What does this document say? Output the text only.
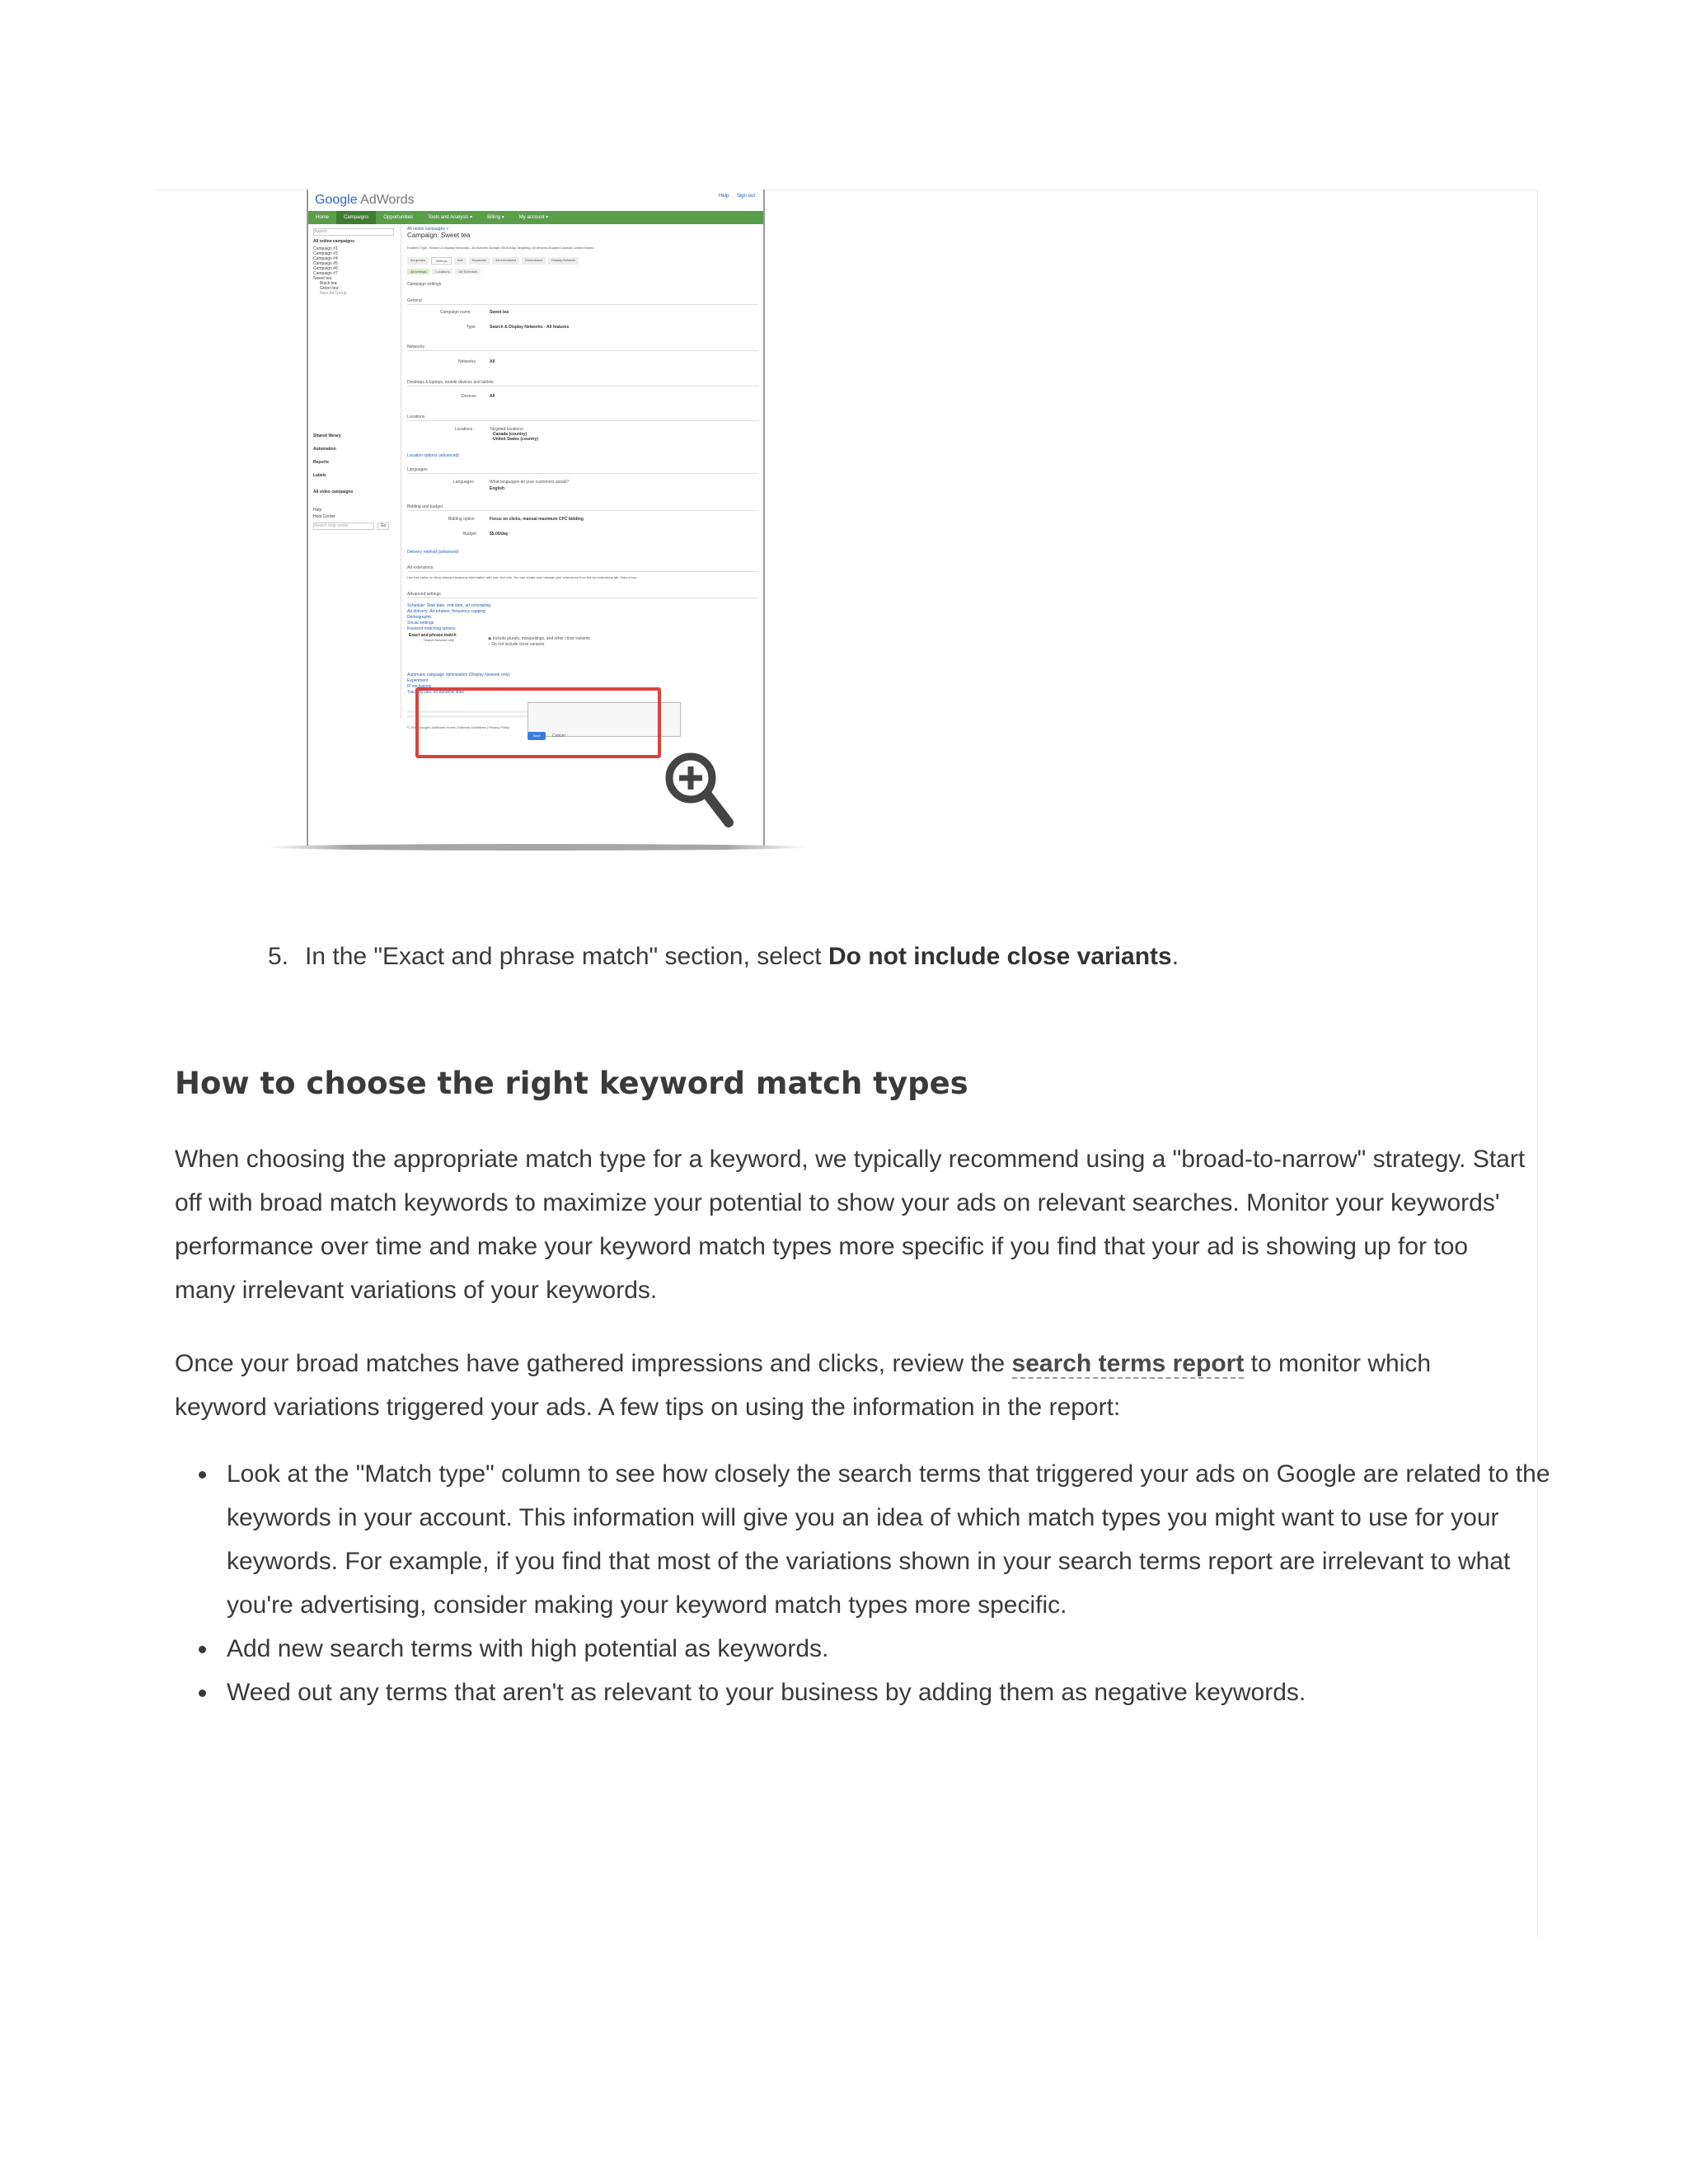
Google AdWords	Help Sign out
Home	Campaigns	Opportunities	Tools and Analysis ▾	Billing ▾	My account ▾
Search
All online campaigns
Campaign #1
Campaign #3
Campaign #4
Campaign #5
Campaign #6
Campaign #7
Sweet tea
Black tea
Green tea
New Ad Group
Shared library
Automation
Reports
Labels
All video campaigns
Help
Help Center
Search help center	Go
All online campaigns >
Campaign: Sweet tea
Enabled Type: Search & Display Networks - All features Budget: $5.00/day Targeting: All devices English Canada; United States
Ad groups	Settings	Ads	Keywords	Ad extensions	Dimensions	Display Network
All settings	Locations	Ad Schedule
Campaign settings
General
Campaign name	Sweet tea
Type	Search & Display Networks - All features
Networks
Networks	All
Desktops & laptops, mobile devices and tablets
Devices	All
Locations
Locations	Targeted locations:
Canada (country)
United States (country)
Location options (advanced)
Languages
Languages	What languages do your customers speak?
English
Bidding and budget
Bidding option	Focus on clicks, manual maximum CPC bidding
Budget	$5.00/day
Delivery method (advanced)
Ad extensions
Use this option to show relevant business information with your text ads. You can create and manage your extensions from the Ad extensions tab. Take a tour
Advanced settings
Schedule: Start date, end date, ad scheduling
Ad delivery: Ad rotation, frequency capping
Demographic
Social settings
Keyword matching options
Exact and phrase match
Search Network only	◉ Include plurals, misspellings, and other close variants
○ Do not include close variants
Automatic campaign optimization (Display Network only)
Experiment
IP exclusions
Tracking URL for dynamic links
© 2012 Google | AdWords Home | Editorial Guidelines | Privacy Policy
Save	Cancel
5. In the "Exact and phrase match" section, select Do not include close variants.
How to choose the right keyword match types

When choosing the appropriate match type for a keyword, we typically recommend using a "broad-to-narrow" strategy. Start off with broad match keywords to maximize your potential to show your ads on relevant searches. Monitor your keywords' performance over time and make your keyword match types more specific if you find that your ad is showing up for too many irrelevant variations of your keywords.

Once your broad matches have gathered impressions and clicks, review the search terms report to monitor which keyword variations triggered your ads. A few tips on using the information in the report:

Look at the "Match type" column to see how closely the search terms that triggered your ads on Google are related to the keywords in your account. This information will give you an idea of which match types you might want to use for your keywords. For example, if you find that most of the variations shown in your search terms report are irrelevant to what you're advertising, consider making your keyword match types more specific.
Add new search terms with high potential as keywords.
Weed out any terms that aren't as relevant to your business by adding them as negative keywords.
